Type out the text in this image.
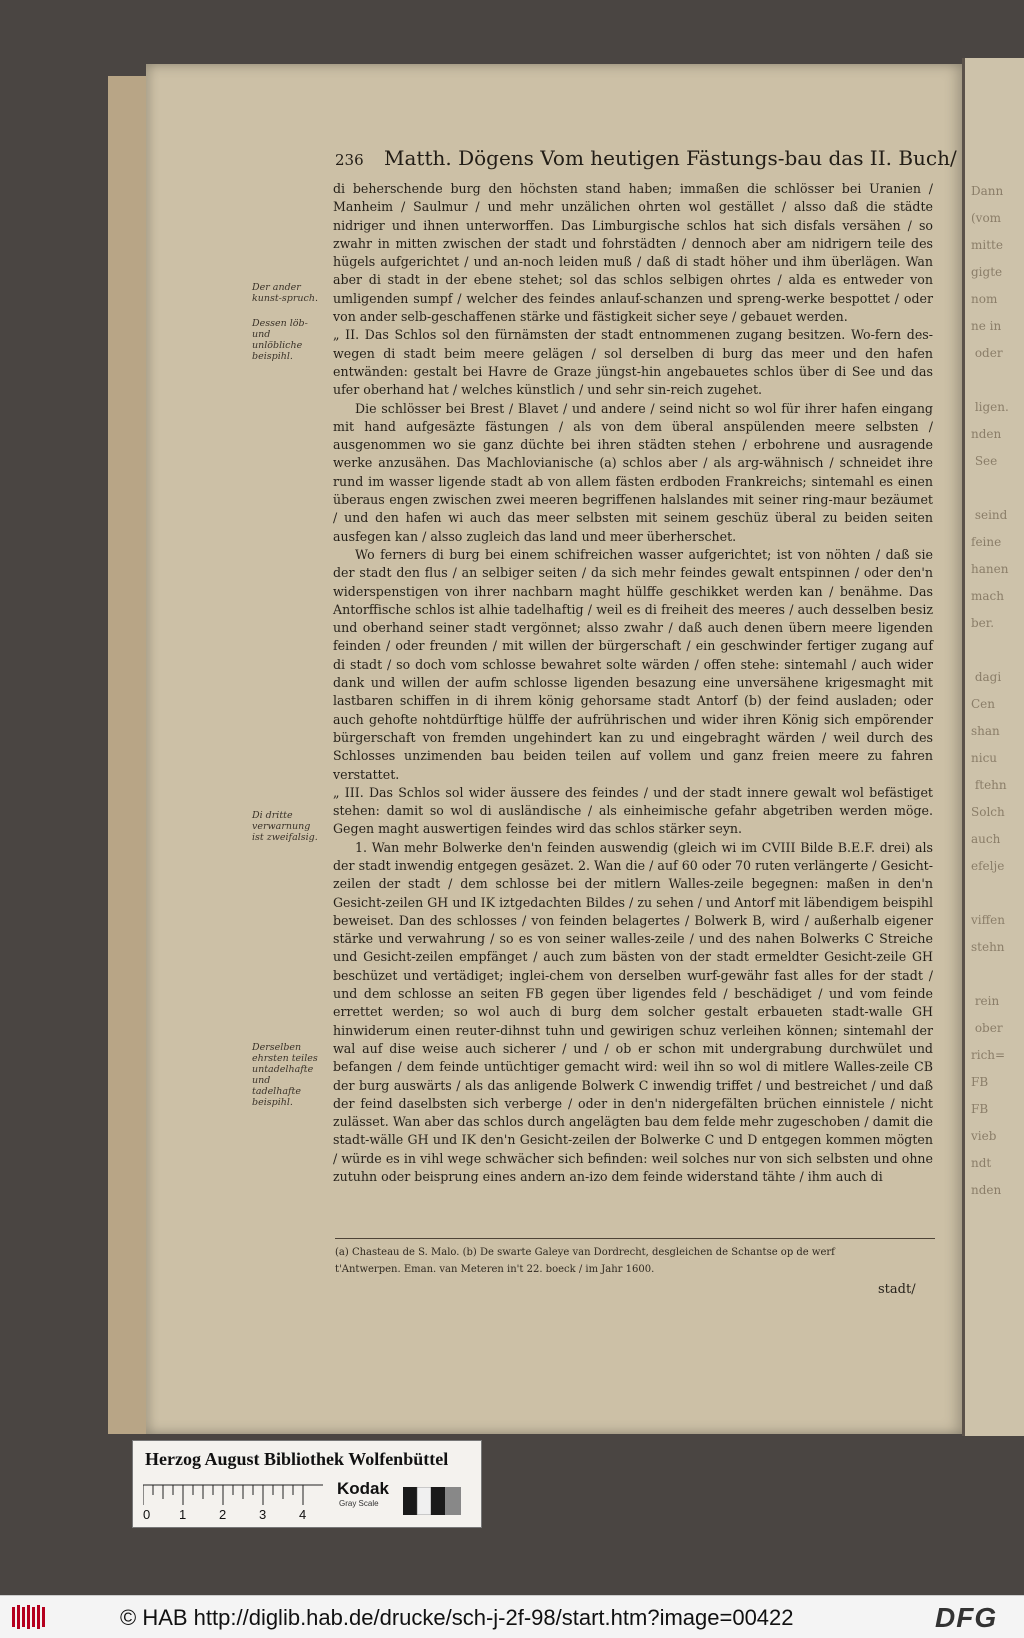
Dann
(vom
mitte
gigte
nom
ne in
oder

ligen.
nden
See

seind
feine
hanen
mach
ber.

dagi
Cen
shan
nicu
ftehn
Solch
auch
efelje

viffen
stehn

rein
ober
rich=
FB
FB
vieb
ndt
nden

236 Matth. Dögens Vom heutigen Fästungs-bau das II. Buch/
Der ander kunst-spruch.
Dessen löb- und unlöbliche beispihl.
Di dritte verwarnung ist zweifalsig.
Derselben ehrsten teiles untadelhafte und tadelhafte beispihl.

di beherschende burg den höchsten stand haben; immaßen die schlösser bei Uranien / Manheim / Saulmur / und mehr unzälichen ohrten wol gestället / alsso daß die städte nidriger und ihnen unterworffen. Das Limburgische schlos hat sich disfals versähen / so zwahr in mitten zwischen der stadt und fohrstädten / dennoch aber am nidrigern teile des hügels aufgerichtet / und an-noch leiden muß / daß di stadt höher und ihm überlägen. Wan aber di stadt in der ebene stehet; sol das schlos selbigen ohrtes / alda es entweder von umligenden sumpf / welcher des feindes anlauf-schanzen und spreng-werke bespottet / oder von ander selb-geschaffenen stärke und fästigkeit sicher seye / gebauet werden.

„ II. Das Schlos sol den fürnämsten der stadt entnommenen zugang besitzen. Wo-fern des-wegen di stadt beim meere gelägen / sol derselben di burg das meer und den hafen entwänden: gestalt bei Havre de Graze jüngst-hin angebauetes schlos über di See und das ufer oberhand hat / welches künstlich / und sehr sin-reich zugehet.

Die schlösser bei Brest / Blavet / und andere / seind nicht so wol für ihrer hafen eingang mit hand aufgesäzte fästungen / als von dem überal anspülenden meere selbsten / ausgenommen wo sie ganz düchte bei ihren städten stehen / erbohrene und ausragende werke anzusähen. Das Machlovianische (a) schlos aber / als arg-wähnisch / schneidet ihre rund im wasser ligende stadt ab von allem fästen erdboden Frankreichs; sintemahl es einen überaus engen zwischen zwei meeren begriffenen halslandes mit seiner ring-maur bezäumet / und den hafen wi auch das meer selbsten mit seinem geschüz überal zu beiden seiten ausfegen kan / alsso zugleich das land und meer überherschet.

Wo ferners di burg bei einem schifreichen wasser aufgerichtet; ist von nöhten / daß sie der stadt den flus / an selbiger seiten / da sich mehr feindes gewalt entspinnen / oder den'n widerspenstigen von ihrer nachbarn maght hülffe geschikket werden kan / benähme. Das Antorffische schlos ist alhie tadelhaftig / weil es di freiheit des meeres / auch desselben besiz und oberhand seiner stadt vergönnet; alsso zwahr / daß auch denen übern meere ligenden feinden / oder freunden / mit willen der bürgerschaft / ein geschwinder fertiger zugang auf di stadt / so doch vom schlosse bewahret solte wärden / offen stehe: sintemahl / auch wider dank und willen der aufm schlosse ligenden besazung eine unversähene krigesmaght mit lastbaren schiffen in di ihrem könig gehorsame stadt Antorf (b) der feind ausladen; oder auch gehofte nohtdürftige hülffe der aufrührischen und wider ihren König sich empörender bürgerschaft von fremden ungehindert kan zu und eingebraght wärden / weil durch des Schlosses unzimenden bau beiden teilen auf vollem und ganz freien meere zu fahren verstattet.

„ III. Das Schlos sol wider äussere des feindes / und der stadt innere gewalt wol befästiget stehen: damit so wol di ausländische / als einheimische gefahr abgetriben werden möge. Gegen maght auswertigen feindes wird das schlos stärker seyn.

1. Wan mehr Bolwerke den'n feinden auswendig (gleich wi im CVIII Bilde B.E.F. drei) als der stadt inwendig entgegen gesäzet. 2. Wan die / auf 60 oder 70 ruten verlängerte / Gesicht-zeilen der stadt / dem schlosse bei der mitlern Walles-zeile begegnen: maßen in den'n Gesicht-zeilen GH und IK iztgedachten Bildes / zu sehen / und Antorf mit läbendigem beispihl beweiset. Dan des schlosses / von feinden belagertes / Bolwerk B, wird / außerhalb eigener stärke und verwahrung / so es von seiner walles-zeile / und des nahen Bolwerks C Streiche und Gesicht-zeilen empfänget / auch zum bästen von der stadt ermeldter Gesicht-zeile GH beschüzet und vertädiget; inglei-chem von derselben wurf-gewähr fast alles for der stadt / und dem schlosse an seiten FB gegen über ligendes feld / beschädiget / und vom feinde errettet werden; so wol auch di burg dem solcher gestalt erbaueten stadt-walle GH hinwiderum einen reuter-dihnst tuhn und gewirigen schuz verleihen können; sintemahl der wal auf dise weise auch sicherer / und / ob er schon mit undergrabung durchwület und befangen / dem feinde untüchtiger gemacht wird: weil ihn so wol di mitlere Walles-zeile CB der burg auswärts / als das anligende Bolwerk C inwendig triffet / und bestreichet / und daß der feind daselbsten sich verberge / oder in den'n nidergefälten brüchen einnistele / nicht zulässet. Wan aber das schlos durch angelägten bau dem felde mehr zugeschoben / damit die stadt-wälle GH und IK den'n Gesicht-zeilen der Bolwerke C und D entgegen kommen mögten / würde es in vihl wege schwächer sich befinden: weil solches nur von sich selbsten und ohne zutuhn oder beisprung eines andern an-izo dem feinde widerstand tähte / ihm auch di

(a) Chasteau de S. Malo. (b) De swarte Galeye van Dordrecht, desgleichen de Schantse op de werf
t'Antwerpen. Eman. van Meteren in't 22. boeck / im Jahr 1600.
stadt/
Herzog August Bibliothek Wolfenbüttel
0 1	2	3	4
Kodak
Gray Scale
© HAB http://diglib.hab.de/drucke/sch-j-2f-98/start.htm?image=00422	DFG
